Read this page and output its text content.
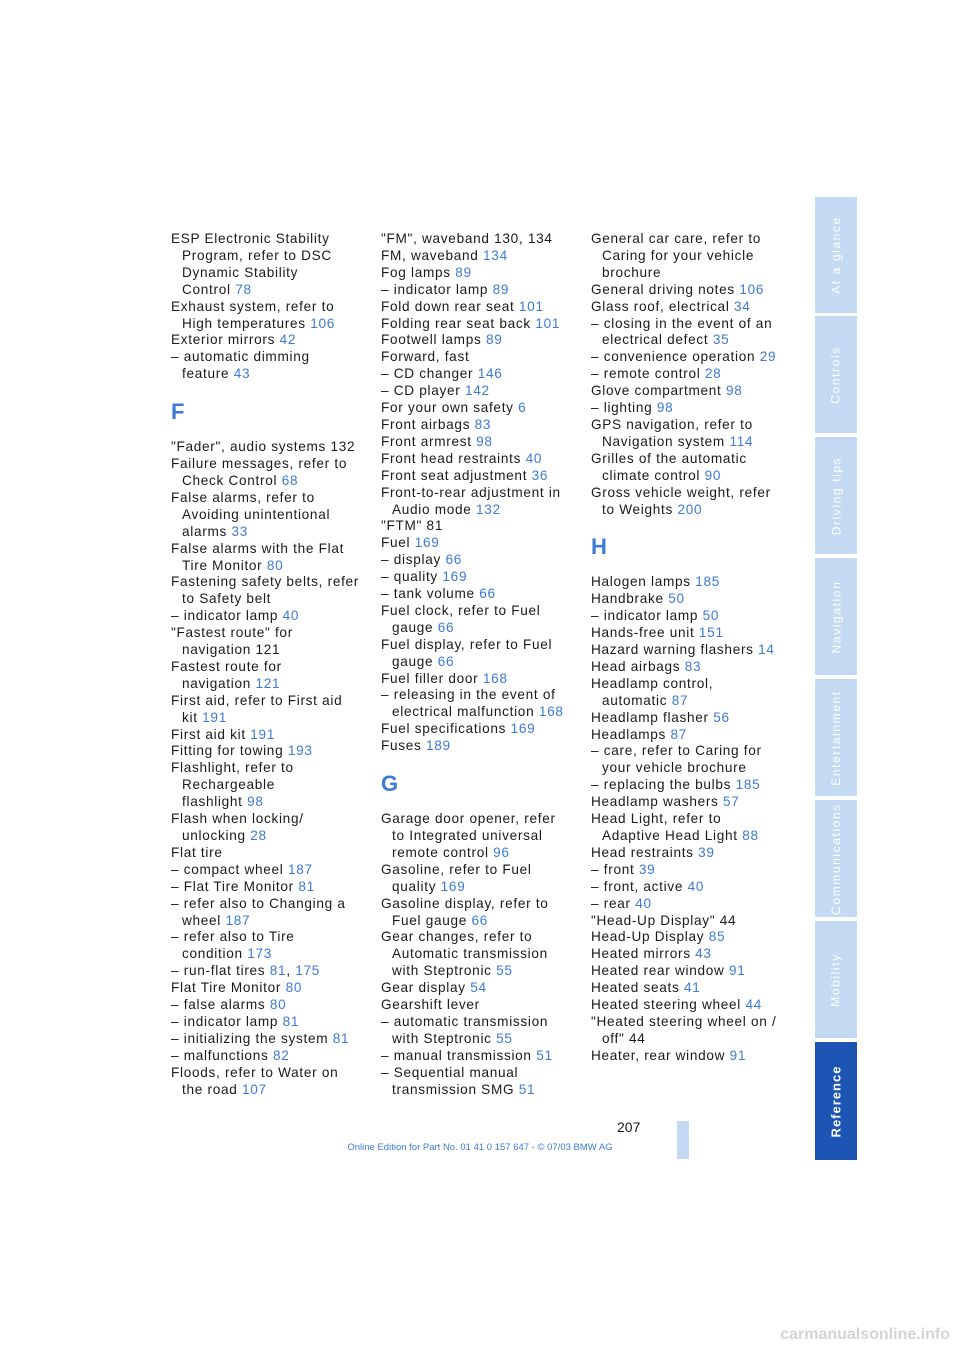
ESP Electronic Stability
Program, refer to DSC
Dynamic Stability
Control 78
Exhaust system, refer to
High temperatures 106
Exterior mirrors 42
– automatic dimming
feature 43
F
"Fader", audio systems 132
Failure messages, refer to
Check Control 68
False alarms, refer to
Avoiding unintentional
alarms 33
False alarms with the Flat
Tire Monitor 80
Fastening safety belts, refer
to Safety belt
– indicator lamp 40
"Fastest route" for
navigation 121
Fastest route for
navigation 121
First aid, refer to First aid
kit 191
First aid kit 191
Fitting for towing 193
Flashlight, refer to
Rechargeable
flashlight 98
Flash when locking/
unlocking 28
Flat tire
– compact wheel 187
– Flat Tire Monitor 81
– refer also to Changing a
wheel 187
– refer also to Tire
condition 173
– run-flat tires 81, 175
Flat Tire Monitor 80
– false alarms 80
– indicator lamp 81
– initializing the system 81
– malfunctions 82
Floods, refer to Water on
the road 107
"FM", waveband 130, 134
FM, waveband 134
Fog lamps 89
– indicator lamp 89
Fold down rear seat 101
Folding rear seat back 101
Footwell lamps 89
Forward, fast
– CD changer 146
– CD player 142
For your own safety 6
Front airbags 83
Front armrest 98
Front head restraints 40
Front seat adjustment 36
Front-to-rear adjustment in
Audio mode 132
"FTM" 81
Fuel 169
– display 66
– quality 169
– tank volume 66
Fuel clock, refer to Fuel
gauge 66
Fuel display, refer to Fuel
gauge 66
Fuel filler door 168
– releasing in the event of
electrical malfunction 168
Fuel specifications 169
Fuses 189
G
Garage door opener, refer
to Integrated universal
remote control 96
Gasoline, refer to Fuel
quality 169
Gasoline display, refer to
Fuel gauge 66
Gear changes, refer to
Automatic transmission
with Steptronic 55
Gear display 54
Gearshift lever
– automatic transmission
with Steptronic 55
– manual transmission 51
– Sequential manual
transmission SMG 51
General car care, refer to
Caring for your vehicle
brochure
General driving notes 106
Glass roof, electrical 34
– closing in the event of an
electrical defect 35
– convenience operation 29
– remote control 28
Glove compartment 98
– lighting 98
GPS navigation, refer to
Navigation system 114
Grilles of the automatic
climate control 90
Gross vehicle weight, refer
to Weights 200
H
Halogen lamps 185
Handbrake 50
– indicator lamp 50
Hands-free unit 151
Hazard warning flashers 14
Head airbags 83
Headlamp control,
automatic 87
Headlamp flasher 56
Headlamps 87
– care, refer to Caring for
your vehicle brochure
– replacing the bulbs 185
Headlamp washers 57
Head Light, refer to
Adaptive Head Light 88
Head restraints 39
– front 39
– front, active 40
– rear 40
"Head-Up Display" 44
Head-Up Display 85
Heated mirrors 43
Heated rear window 91
Heated seats 41
Heated steering wheel 44
"Heated steering wheel on /
off" 44
Heater, rear window 91
At a glance
Controls
Driving tips
Navigation
Entertainment
Communications
Mobility
Reference
207
Online Edition for Part No. 01 41 0 157 647 - © 07/03 BMW AG
carmanualsonline.info
